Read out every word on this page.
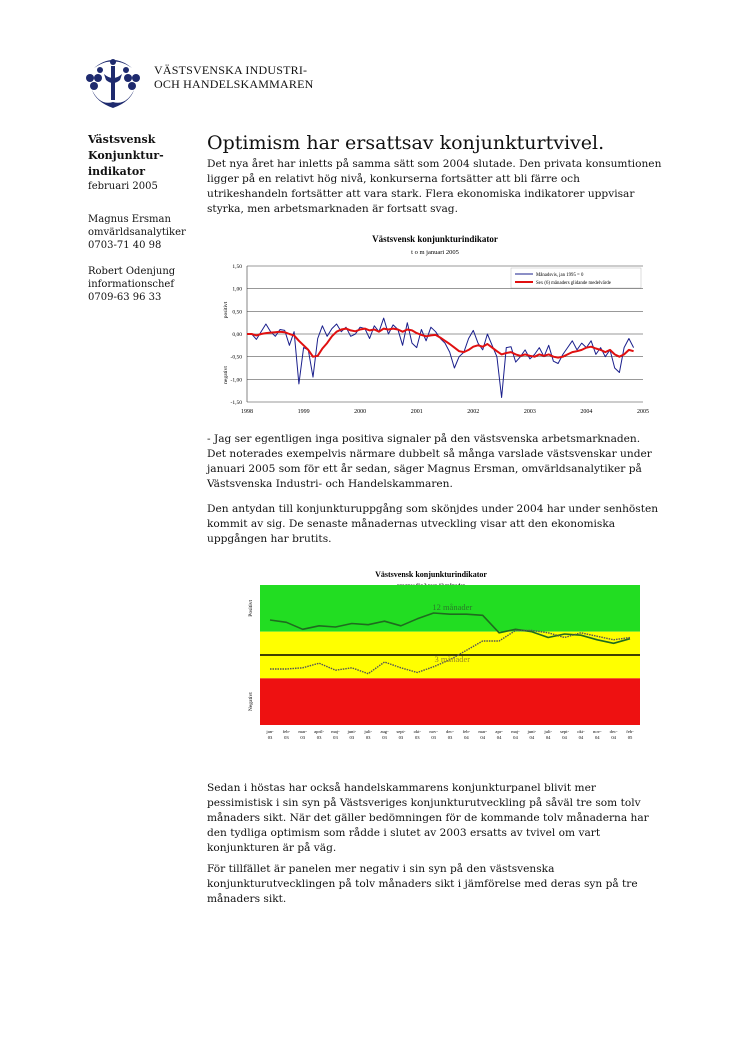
VÄSTSVENSKA INDUSTRI-
OCH HANDELSKAMMAREN

Västsvensk

Konjunktur-

indikator

februari 2005

Magnus Ersman

omvärldsanalytiker

0703-71 40 98

Robert Odenjung

informationschef

0709-63 96 33

Optimism har ersattsav konjunkturtvivel.
Det nya året har inletts på samma sätt som 2004 slutade. Den privata konsumtionen ligger på en relativt hög nivå, konkurserna fortsätter att bli färre och utrikeshandeln fortsätter att vara stark. Flera ekonomiska indikatorer uppvisar styrka, men arbetsmarknaden är fortsatt svag.
Västsvensk konjunkturindikator
t o m januari 2005
1,50
1,00
0,50
0,00
-0,50
-1,00
-1,50
1998	1999	2000	2001	2002	2003	2004	2005
positivt
negativt
Månadsvis, jan 1995 = 0
Sex (6) månaders glidande medelvärde
- Jag ser egentligen inga positiva signaler på den västsvenska arbetsmarknaden. Det noterades exempelvis närmare dubbelt så många varslade västsvenskar under januari 2005 som för ett år sedan, säger Magnus Ersman, omvärldsanalytiker på Västsvenska Industri- och Handelskammaren.
Den antydan till konjunkturuppgång som skönjdes under 2004 har under senhösten kommit av sig. De senaste månadernas utveckling visar att den ekonomiska uppgången har brutits.
Västsvensk konjunkturindikator
Positivt
Negativt
12 månader
3 månader
jan-
03
feb-
03
mar-
03
april-
03
maj-
03
juni-
03
juli-
03
aug-
03
sept-
03
okt-
03
nov-
03
dec-
03
feb-
04
mar-
04
apr-
04
maj-
04
juni-
04
juli-
04
sept-
04
okt-
04
nov-
04
dec-
04
feb-
05
Sedan i höstas har också handelskammarens konjunkturpanel blivit mer pessimistisk i sin syn på Västsveriges konjunkturutveckling på såväl tre som tolv månaders sikt. När det gäller bedömningen för de kommande tolv månaderna har den tydliga optimism som rådde i slutet av 2003 ersatts av tvivel om vart konjunkturen är på väg.
För tillfället är panelen mer negativ i sin syn på den västsvenska konjunkturutvecklingen på tolv månaders sikt i jämförelse med deras syn på tre månaders sikt.
